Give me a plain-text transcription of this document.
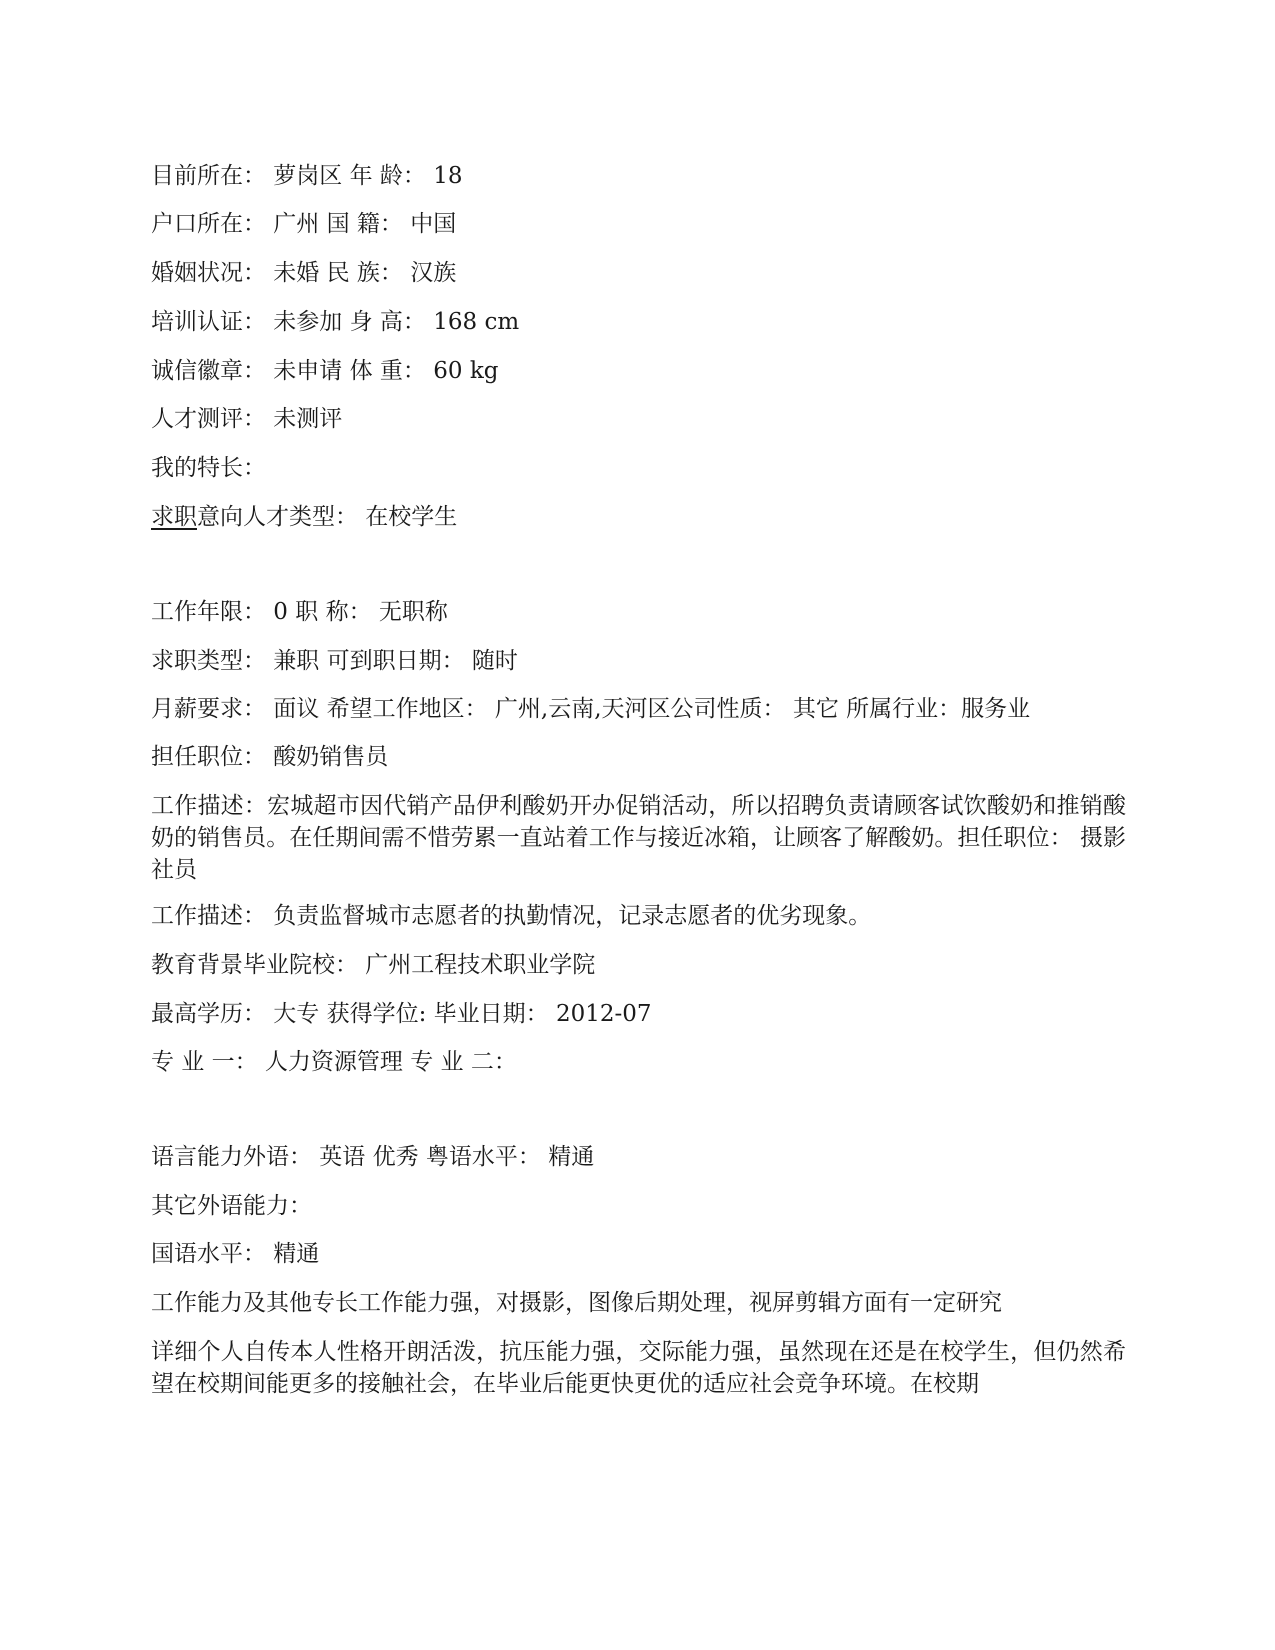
目前所在： 萝岗区 年 龄： 18
户口所在： 广州 国 籍： 中国
婚姻状况： 未婚 民 族： 汉族
培训认证： 未参加 身 高： 168 cm
诚信徽章： 未申请 体 重： 60 kg
人才测评： 未测评
我的特长：
求职意向人才类型： 在校学生
工作年限： 0 职 称： 无职称
求职类型： 兼职 可到职日期： 随时
月薪要求： 面议 希望工作地区： 广州,云南,天河区公司性质： 其它 所属行业：服务业
担任职位： 酸奶销售员
工作描述：宏城超市因代销产品伊利酸奶开办促销活动，所以招聘负责请顾客试饮酸奶和推销酸奶的销售员。在任期间需不惜劳累一直站着工作与接近冰箱，让顾客了解酸奶。担任职位： 摄影社员
工作描述： 负责监督城市志愿者的执勤情况，记录志愿者的优劣现象。
教育背景毕业院校： 广州工程技术职业学院
最高学历： 大专 获得学位: 毕业日期： 2012-07
专 业 一： 人力资源管理 专 业 二：
语言能力外语： 英语 优秀 粤语水平： 精通
其它外语能力：
国语水平： 精通
工作能力及其他专长工作能力强，对摄影，图像后期处理，视屏剪辑方面有一定研究
详细个人自传本人性格开朗活泼，抗压能力强，交际能力强，虽然现在还是在校学生，但仍然希望在校期间能更多的接触社会，在毕业后能更快更优的适应社会竞争环境。在校期
